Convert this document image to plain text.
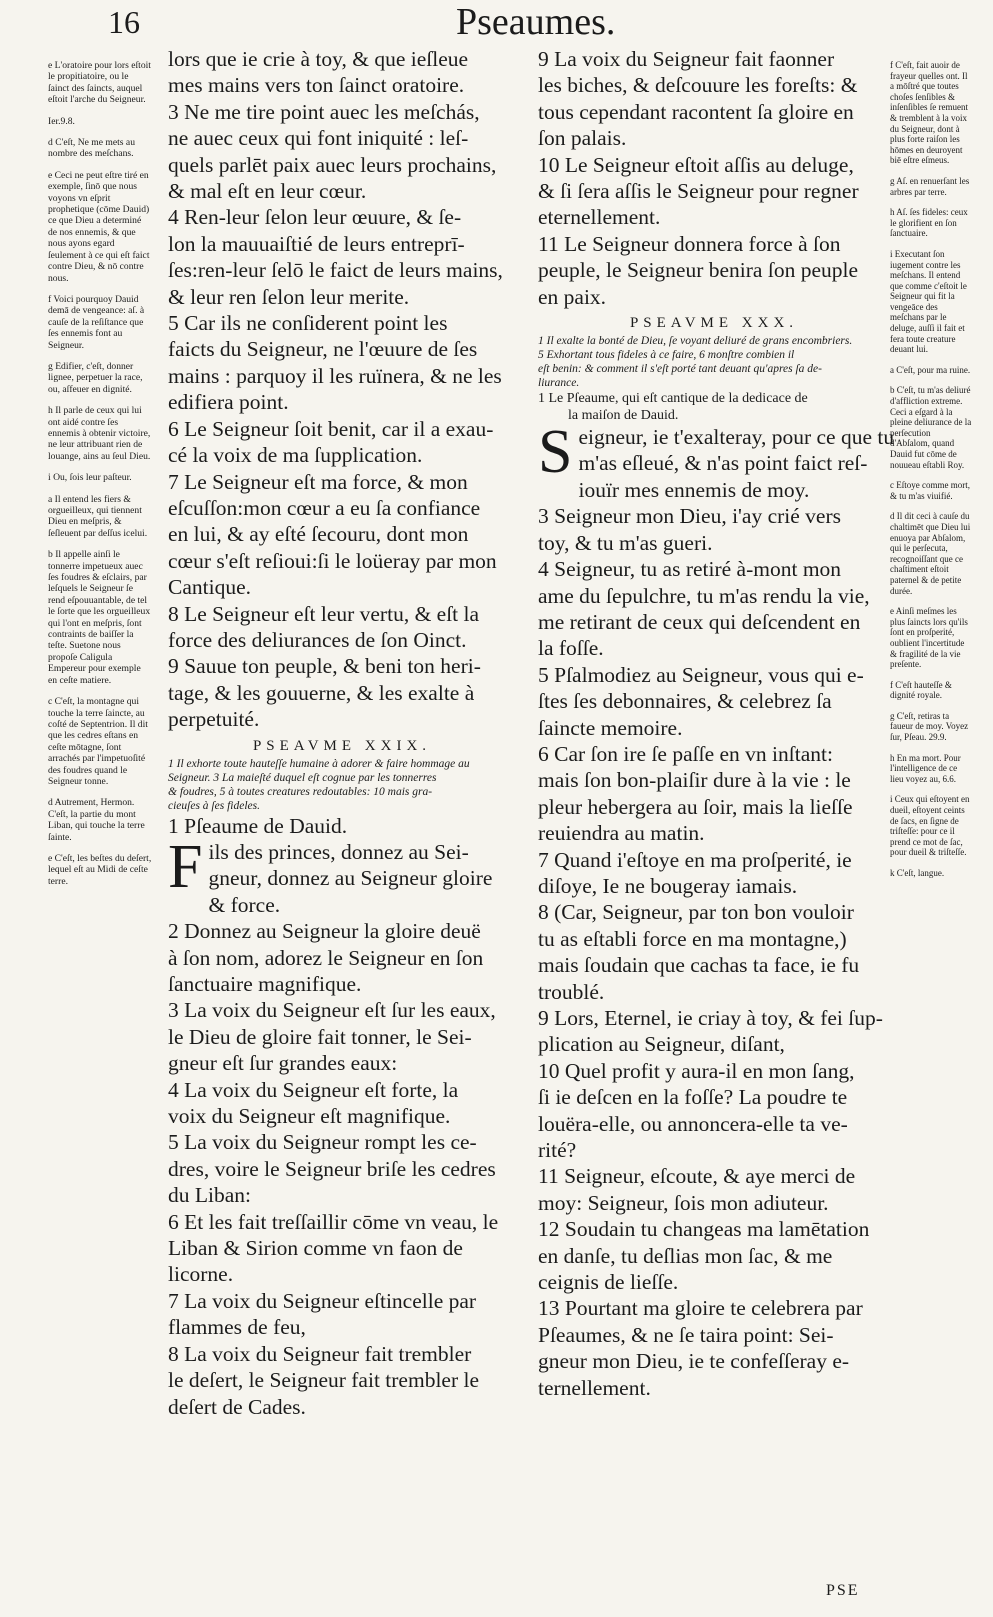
16	Pseaumes.
e L'oratoire pour lors eſtoit le propitiatoire, ou le ſainct des ſaincts, auquel eſtoit l'arche du Seigneur.
Ier.9.8.
d C'eſt, Ne me mets au nombre des meſchans.
e Ceci ne peut eſtre tiré en exemple, ſinō que nous voyons vn eſprit prophetique (cōme Dauid) ce que Dieu a determiné de nos ennemis, & que nous ayons egard ſeulement à ce qui eſt faict contre Dieu, & nō contre nous.
f Voici pourquoy Dauid demā de vengeance: aſ. à cauſe de la reſiſtance que ſes ennemis font au Seigneur.
g Edifier, c'eſt, donner lignee, perpetuer la race, ou, aſfeuer en dignité.
h Il parle de ceux qui lui ont aidé contre ſes ennemis à obtenir victoire, ne leur attribuant rien de louange, ains au ſeul Dieu.
i Ou, ſois leur paſteur.
a Il entend les fiers & orgueilleux, qui tiennent Dieu en meſpris, & ſeſleuent par deſſus icelui.
b Il appelle ainſi le tonnerre impetueux auec ſes foudres & eſclairs, par leſquels le Seigneur ſe rend eſpouuantable, de tel le ſorte que les orgueilleux qui l'ont en meſpris, ſont contraints de baiſſer la teſte. Suetone nous propoſe Caligula Empereur pour exemple en ceſte matiere.
c C'eſt, la montagne qui touche la terre ſaincte, au coſté de Septentrion. Il dit que les cedres eſtans en ceſte mōtagne, ſont arrachés par l'impetuoſité des foudres quand le Seigneur tonne.
d Autrement, Hermon. C'eſt, la partie du mont Liban, qui touche la terre ſainte.
e C'eſt, les beſtes du deſert, lequel eſt au Midi de ceſte terre.
lors que ie crie à toy, & que ieſleue
mes mains vers ton ſainct oratoire.
3 Ne me tire point auec les meſchás,
ne auec ceux qui font iniquité : leſ-
quels parlēt paix auec leurs prochains,
& mal eſt en leur cœur.
4 Ren-leur ſelon leur œuure, & ſe-
lon la mauuaiſtié de leurs entreprī-
ſes:ren-leur ſelō le faict de leurs mains,
& leur ren ſelon leur merite.
5 Car ils ne conſiderent point les
faicts du Seigneur, ne l'œuure de ſes
mains : parquoy il les ruïnera, & ne les
edifiera point.
6 Le Seigneur ſoit benit, car il a exau-
cé la voix de ma ſupplication.
7 Le Seigneur eſt ma force, & mon
eſcuſſon:mon cœur a eu ſa confiance
en lui, & ay eſté ſecouru, dont mon
cœur s'eſt reſioui:ſi le loüeray par mon
Cantique.
8 Le Seigneur eſt leur vertu, & eſt la
force des deliurances de ſon Oinct.
9 Sauue ton peuple, & beni ton heri-
tage, & les gouuerne, & les exalte à
perpetuité.
PSEAVME XXIX.
1 Il exhorte toute hauteſſe humaine à adorer & faire hommage au
Seigneur. 3 La maieſté duquel eſt cognue par les tonnerres
& foudres, 5 à toutes creatures redoutables: 10 mais gra-
cieuſes à ſes fideles.
1 Pſeaume de Dauid.
F ils des princes, donnez au Sei-
gneur, donnez au Seigneur gloire
& force.
2 Donnez au Seigneur la gloire deuë
à ſon nom, adorez le Seigneur en ſon
ſanctuaire magnifique.
3 La voix du Seigneur eſt ſur les eaux,
le Dieu de gloire fait tonner, le Sei-
gneur eſt ſur grandes eaux:
4 La voix du Seigneur eſt forte, la
voix du Seigneur eſt magnifique.
5 La voix du Seigneur rompt les ce-
dres, voire le Seigneur briſe les cedres
du Liban:
6 Et les fait treſſaillir cōme vn veau, le
Liban & Sirion comme vn faon de
licorne.
7 La voix du Seigneur eſtincelle par
flammes de feu,
8 La voix du Seigneur fait trembler
le deſert, le Seigneur fait trembler le
deſert de Cades.
9 La voix du Seigneur fait faonner
les biches, & deſcouure les foreſts: &
tous cependant racontent ſa gloire en
ſon palais.
10 Le Seigneur eſtoit aſſis au deluge,
& ſi ſera aſſis le Seigneur pour regner
eternellement.
11 Le Seigneur donnera force à ſon
peuple, le Seigneur benira ſon peuple
en paix.
PSEAVME XXX.
1 Il exalte la bonté de Dieu, ſe voyant deliuré de grans encombriers.
5 Exhortant tous fideles à ce faire, 6 monſtre combien il
eſt benin: & comment il s'eſt porté tant deuant qu'apres ſa de-
liurance.
1 Le Pſeaume, qui eſt cantique de la dedicace de
la maiſon de Dauid.
S eigneur, ie t'exalteray, pour ce que tu
m'as eſleué, & n'as point faict reſ-
iouïr mes ennemis de moy.
3 Seigneur mon Dieu, i'ay crié vers
toy, & tu m'as gueri.
4 Seigneur, tu as retiré à-mont mon
ame du ſepulchre, tu m'as rendu la vie,
me retirant de ceux qui deſcendent en
la foſſe.
5 Pſalmodiez au Seigneur, vous qui e-
ſtes ſes debonnaires, & celebrez ſa
ſaincte memoire.
6 Car ſon ire ſe paſſe en vn inſtant:
mais ſon bon-plaiſir dure à la vie : le
pleur hebergera au ſoir, mais la lieſſe
reuiendra au matin.
7 Quand i'eſtoye en ma proſperité, ie
diſoye, Ie ne bougeray iamais.
8 (Car, Seigneur, par ton bon vouloir
tu as eſtabli force en ma montagne,)
mais ſoudain que cachas ta face, ie fu
troublé.
9 Lors, Eternel, ie criay à toy, & fei ſup-
plication au Seigneur, diſant,
10 Quel profit y aura-il en mon ſang,
ſi ie deſcen en la foſſe? La poudre te
louëra-elle, ou annoncera-elle ta ve-
rité?
11 Seigneur, eſcoute, & aye merci de
moy: Seigneur, ſois mon adiuteur.
12 Soudain tu changeas ma lamētation
en danſe, tu deſlias mon ſac, & me
ceignis de lieſſe.
13 Pourtant ma gloire te celebrera par
Pſeaumes, & ne ſe taira point: Sei-
gneur mon Dieu, ie te confeſſeray e-
ternellement.
f C'eſt, fait auoir de frayeur quelles ont. Il a mōſtré que toutes choſes ſenſibles & inſenſibles ſe remuent & tremblent à la voix du Seigneur, dont à plus forte raiſon les hōmes en deuroyent biē eſtre eſmeus.
g Aſ. en renuerſant les arbres par terre.
h Aſ. ſes fideles: ceux le glorifient en ſon ſanctuaire.
i Executant ſon iugement contre les meſchans. Il entend que comme c'eſtoit le Seigneur qui fit la vengeāce des meſchans par le deluge, auſſi il fait et fera toute creature deuant lui.
a C'eſt, pour ma ruine.
b C'eſt, tu m'as deliuré d'affliction extreme. Ceci a eſgard à la pleine deliurance de la perſecution d'Abſalom, quand Dauid fut cōme de nouueau eſtabli Roy.
c Eſtoye comme mort, & tu m'as viuifié.
d Il dit ceci à cauſe du chaltimēt que Dieu lui enuoya par Abſalom, qui le perſecuta, recognoiſſant que ce chaſtiment eſtoit paternel & de petite durée.
e Ainſi meſmes les plus ſaincts lors qu'ils ſont en proſperité, oublient l'incertitude & fragilité de la vie preſente.
f C'eſt hauteſſe & dignité royale.
g C'eſt, retiras ta faueur de moy. Voyez ſur, Pſeau. 29.9.
h En ma mort. Pour l'intelligence de ce lieu voyez au, 6.6.
i Ceux qui eſtoyent en dueil, eſtoyent ceints de ſacs, en ſigne de triſteſſe: pour ce il prend ce mot de ſac, pour dueil & triſteſſe.
k C'eſt, langue.
PSE
